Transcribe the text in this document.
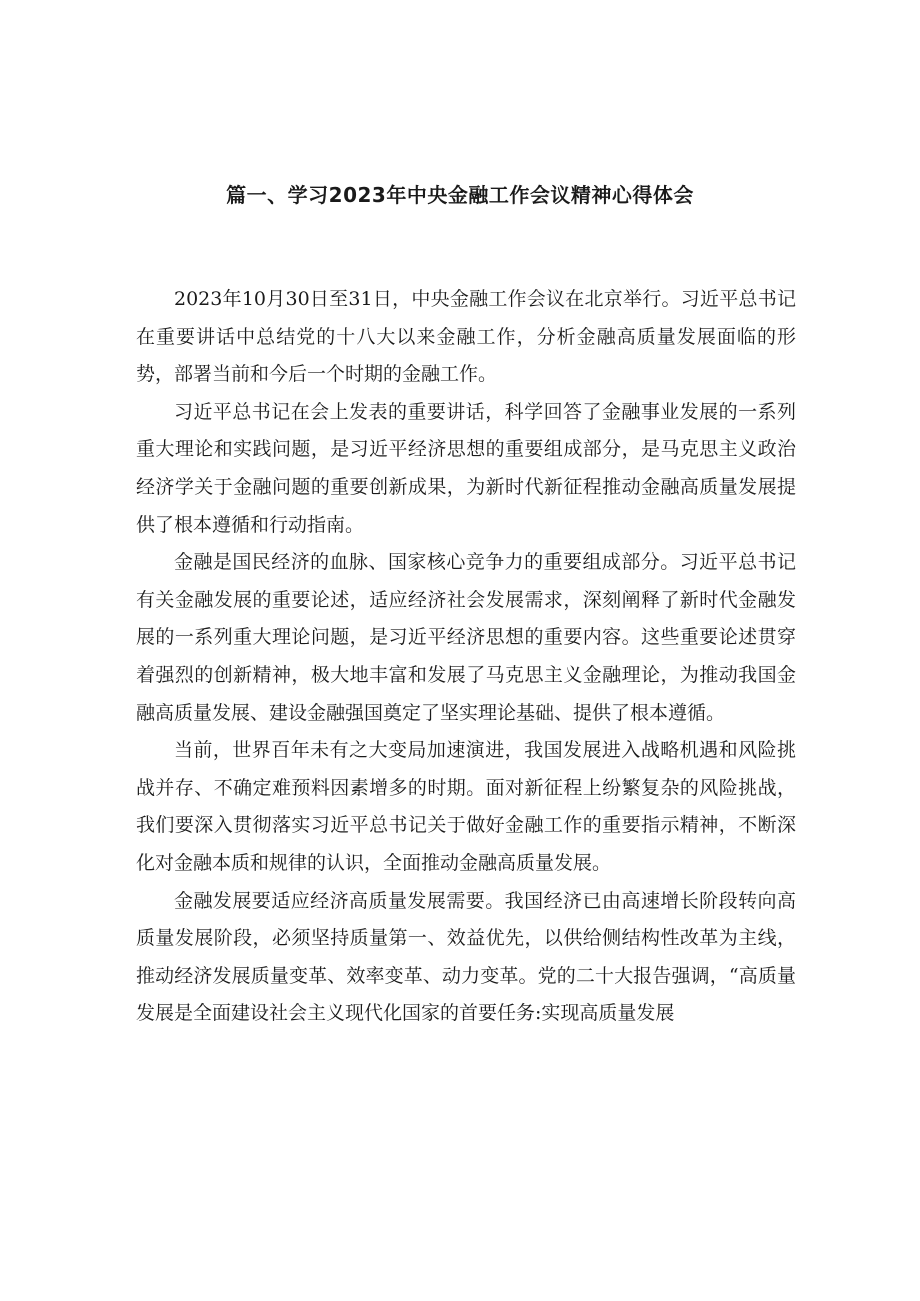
篇一、学习2023年中央金融工作会议精神心得体会

2023年10月30日至31日，中央金融工作会议在北京举行。习近平总书记在重要讲话中总结党的十八大以来金融工作，分析金融高质量发展面临的形势，部署当前和今后一个时期的金融工作。

习近平总书记在会上发表的重要讲话，科学回答了金融事业发展的一系列重大理论和实践问题，是习近平经济思想的重要组成部分，是马克思主义政治经济学关于金融问题的重要创新成果，为新时代新征程推动金融高质量发展提供了根本遵循和行动指南。

金融是国民经济的血脉、国家核心竞争力的重要组成部分。习近平总书记有关金融发展的重要论述，适应经济社会发展需求，深刻阐释了新时代金融发展的一系列重大理论问题，是习近平经济思想的重要内容。这些重要论述贯穿着强烈的创新精神，极大地丰富和发展了马克思主义金融理论，为推动我国金融高质量发展、建设金融强国奠定了坚实理论基础、提供了根本遵循。

当前，世界百年未有之大变局加速演进，我国发展进入战略机遇和风险挑战并存、不确定难预料因素增多的时期。面对新征程上纷繁复杂的风险挑战，我们要深入贯彻落实习近平总书记关于做好金融工作的重要指示精神，不断深化对金融本质和规律的认识，全面推动金融高质量发展。

金融发展要适应经济高质量发展需要。我国经济已由高速增长阶段转向高质量发展阶段，必须坚持质量第一、效益优先，以供给侧结构性改革为主线，推动经济发展质量变革、效率变革、动力变革。党的二十大报告强调，“高质量发展是全面建设社会主义现代化国家的首要任务:实现高质量发展
